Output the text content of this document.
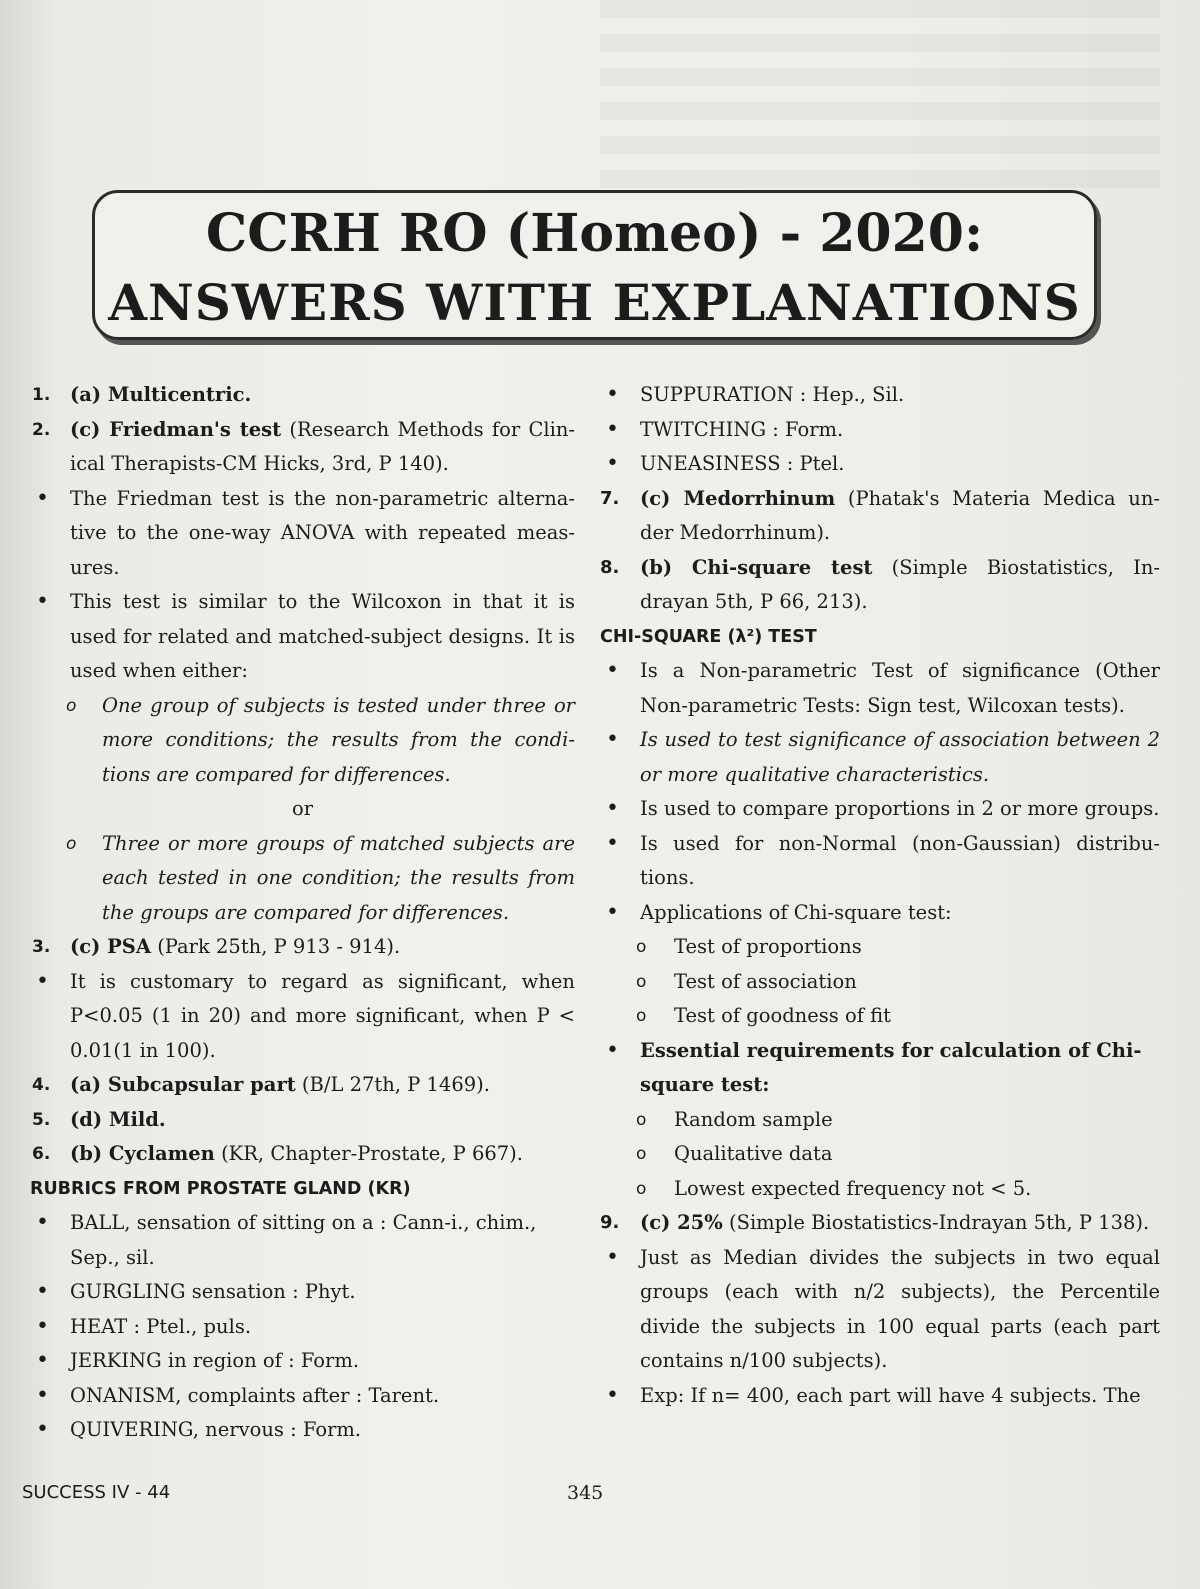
CCRH RO (Homeo) - 2020:
ANSWERS WITH EXPLANATIONS
1. (a) Multicentric.
2. (c) Friedman's test (Research Methods for Clin-ical Therapists-CM Hicks, 3rd, P 140).
• The Friedman test is the non-parametric alterna-tive to the one-way ANOVA with repeated meas-ures.
• This test is similar to the Wilcoxon in that it is used for related and matched-subject designs. It is used when either:
o One group of subjects is tested under three or more conditions; the results from the condi-tions are compared for differences.
or
o Three or more groups of matched subjects are each tested in one condition; the results from the groups are compared for differences.
3. (c) PSA (Park 25th, P 913 - 914).
• It is customary to regard as significant, when P<0.05 (1 in 20) and more significant, when P < 0.01(1 in 100).
4. (a) Subcapsular part (B/L 27th, P 1469).
5. (d) Mild.
6. (b) Cyclamen (KR, Chapter-Prostate, P 667).
RUBRICS FROM PROSTATE GLAND (KR)
• BALL, sensation of sitting on a : Cann-i., chim., Sep., sil.
• GURGLING sensation : Phyt.
• HEAT : Ptel., puls.
• JERKING in region of : Form.
• ONANISM, complaints after : Tarent.
• QUIVERING, nervous : Form.
• SUPPURATION : Hep., Sil.
• TWITCHING : Form.
• UNEASINESS : Ptel.
7. (c) Medorrhinum (Phatak's Materia Medica un-der Medorrhinum).
8. (b) Chi-square test (Simple Biostatistics, In-drayan 5th, P 66, 213).
CHI-SQUARE (λ²) TEST
• Is a Non-parametric Test of significance (Other Non-parametric Tests: Sign test, Wilcoxan tests).
• Is used to test significance of association between 2 or more qualitative characteristics.
• Is used to compare proportions in 2 or more groups.
• Is used for non-Normal (non-Gaussian) distribu-tions.
• Applications of Chi-square test:
o Test of proportions
o Test of association
o Test of goodness of fit
• Essential requirements for calculation of Chi-square test:
o Random sample
o Qualitative data
o Lowest expected frequency not < 5.
9. (c) 25% (Simple Biostatistics-Indrayan 5th, P 138).
• Just as Median divides the subjects in two equal groups (each with n/2 subjects), the Percentile divide the subjects in 100 equal parts (each part contains n/100 subjects).
• Exp: If n= 400, each part will have 4 subjects. The
SUCCESS IV - 44	345
